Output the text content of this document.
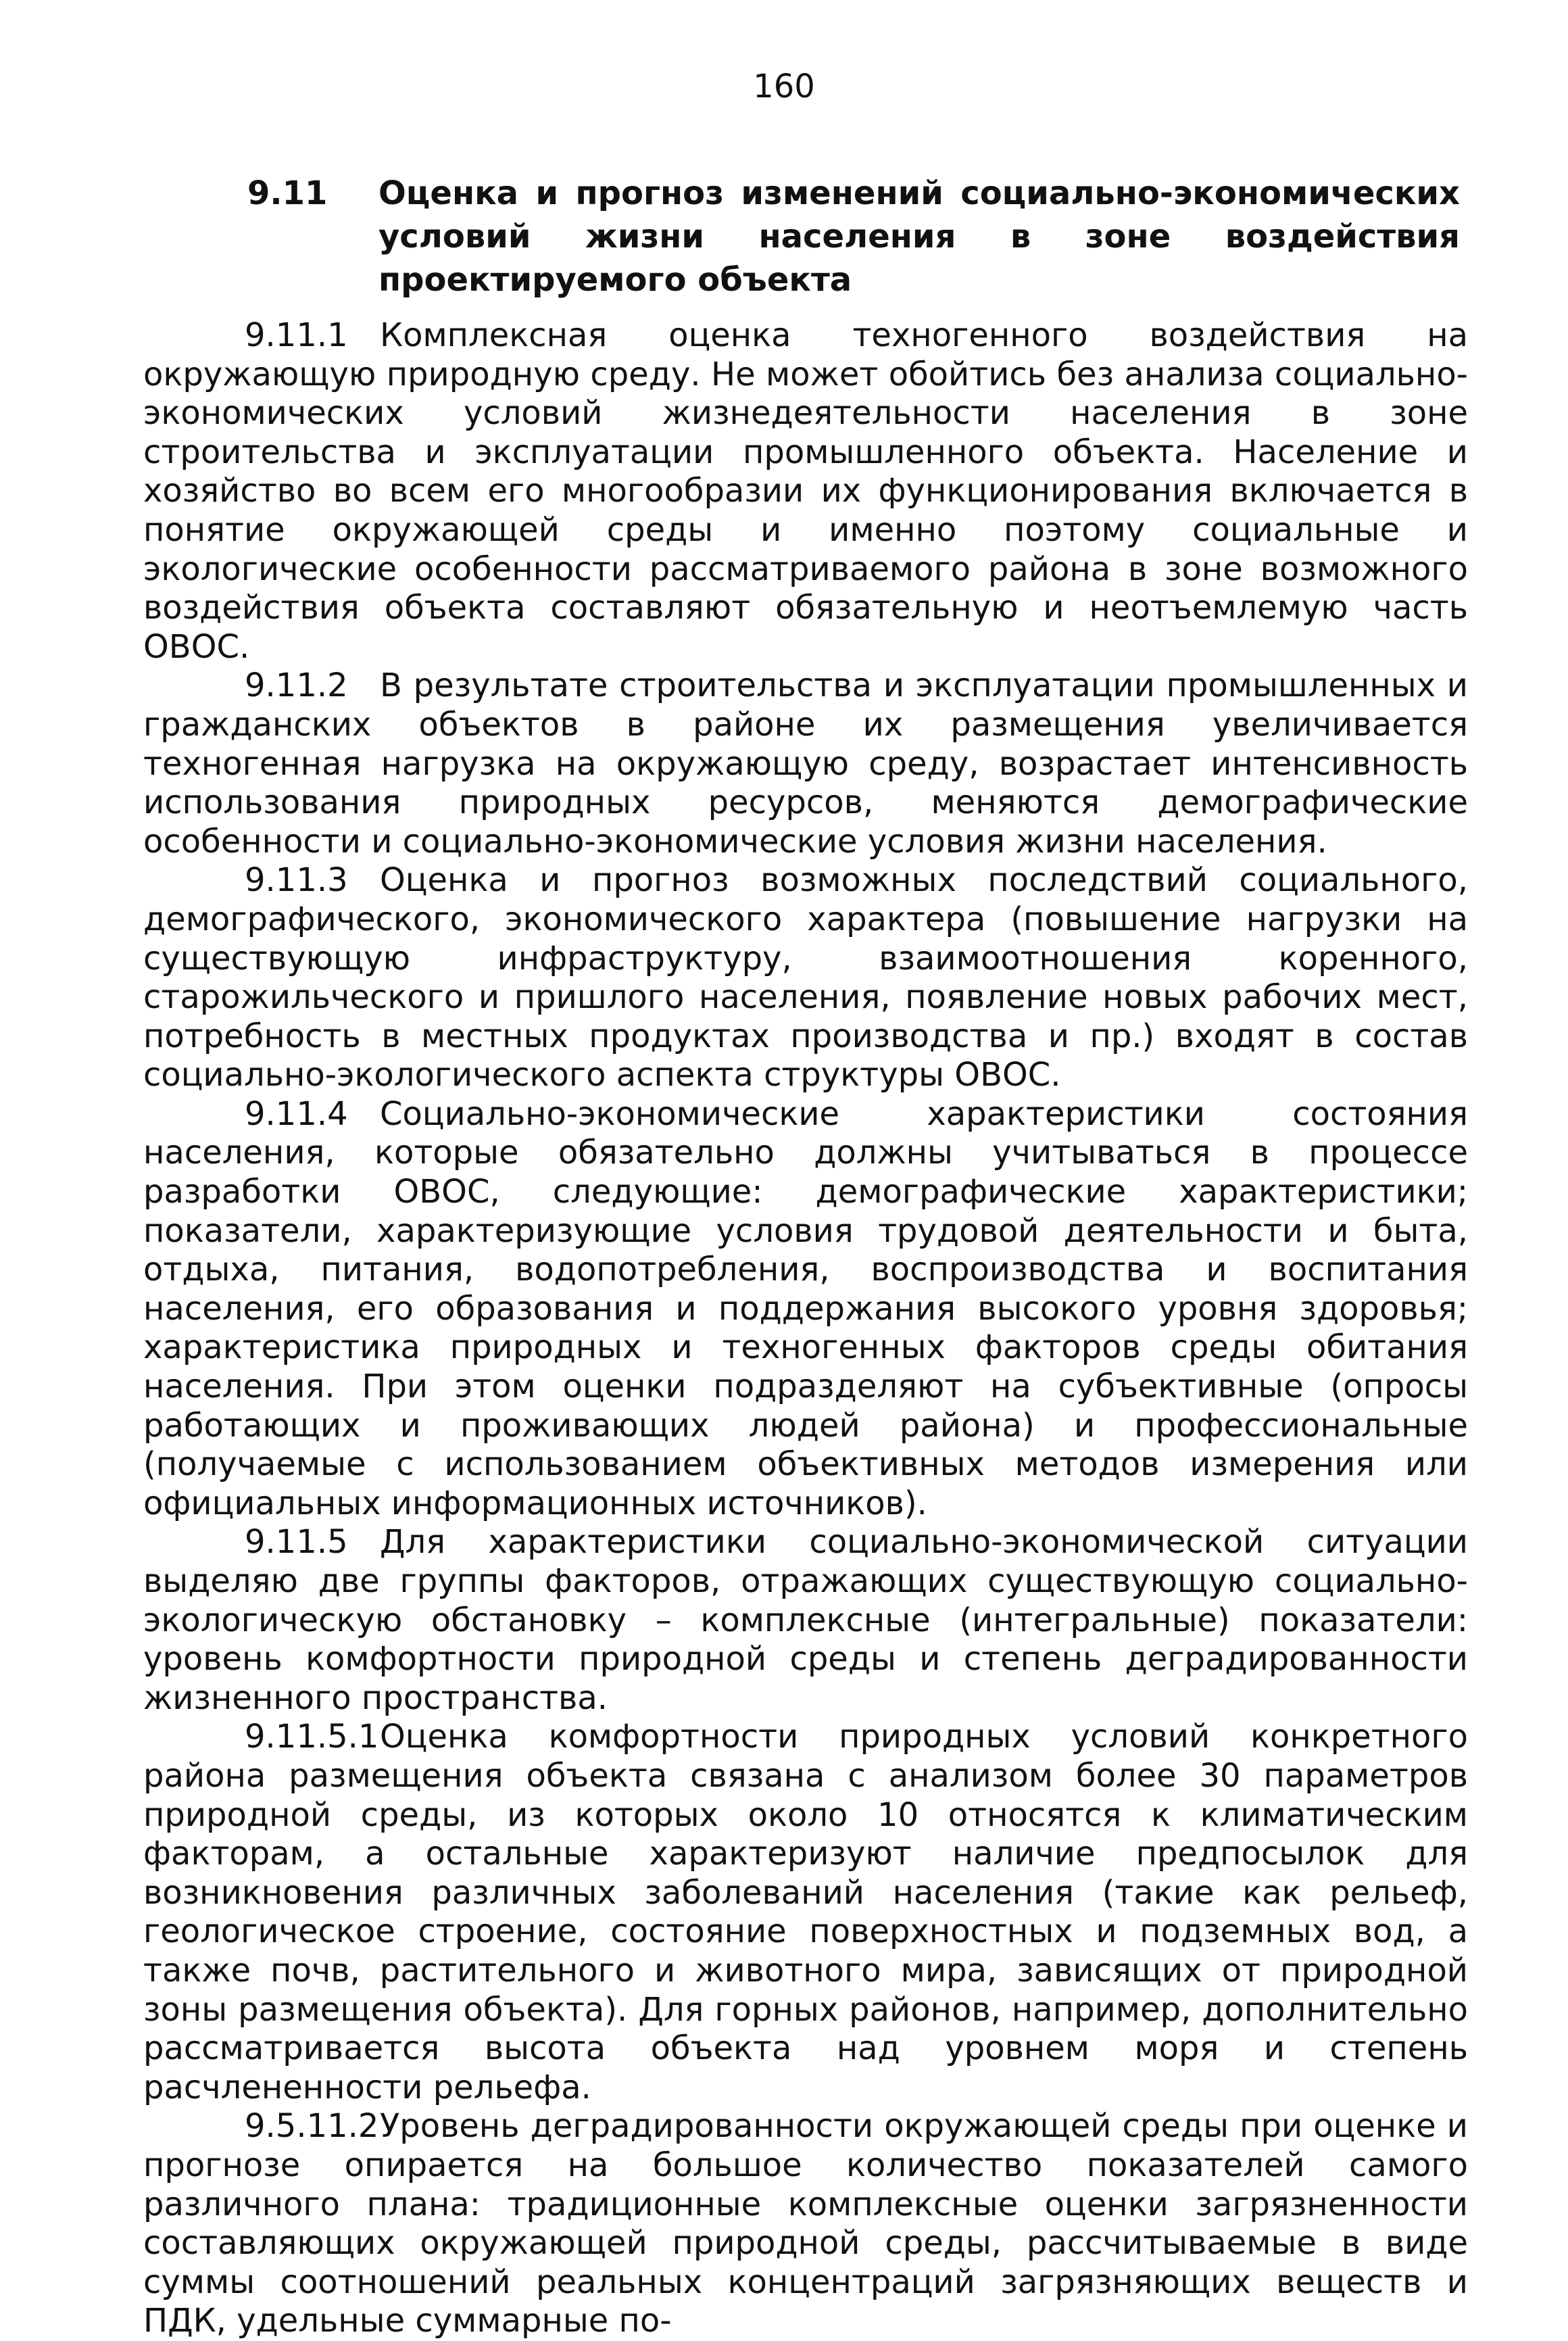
160
9.11 Оценка и прогноз изменений социально-экономических условий жизни населения в зоне воздействия проектируемого объекта

9.11.1 Комплексная оценка техногенного воздействия на окружающую природную среду. Не может обойтись без анализа социально-экономических условий жизнедеятельности населения в зоне строительства и эксплуатации промышленного объекта. Население и хозяйство во всем его многообразии их функционирования включается в понятие окружающей среды и именно поэтому социальные и экологические особенности рассматриваемого района в зоне возможного воздействия объекта составляют обязательную и неотъемлемую часть ОВОС.

9.11.2 В результате строительства и эксплуатации промышленных и гражданских объектов в районе их размещения увеличивается техногенная нагрузка на окружающую среду, возрастает интенсивность использования природных ресурсов, меняются демографические особенности и социально-экономические условия жизни населения.

9.11.3 Оценка и прогноз возможных последствий социального, демографического, экономического характера (повышение нагрузки на существующую инфраструктуру, взаимоотношения коренного, старожильческого и пришлого населения, появление новых рабочих мест, потребность в местных продуктах производства и пр.) входят в состав социально-экологического аспекта структуры ОВОС.

9.11.4 Социально-экономические характеристики состояния населения, которые обязательно должны учитываться в процессе разработки ОВОС, следующие: демографические характеристики; показатели, характеризующие условия трудовой деятельности и быта, отдыха, питания, водопотребления, воспроизводства и воспитания населения, его образования и поддержания высокого уровня здоровья; характеристика природных и техногенных факторов среды обитания населения. При этом оценки подразделяют на субъективные (опросы работающих и проживающих людей района) и профессиональные (получаемые с использованием объективных методов измерения или официальных информационных источников).

9.11.5 Для характеристики социально-экономической ситуации выделяю две группы факторов, отражающих существующую социально-экологическую обстановку – комплексные (интегральные) показатели: уровень комфортности природной среды и степень деградированности жизненного пространства.

9.11.5.1Оценка комфортности природных условий конкретного района размещения объекта связана с анализом более 30 параметров природной среды, из которых около 10 относятся к климатическим факторам, а остальные характеризуют наличие предпосылок для возникновения различных заболеваний населения (такие как рельеф, геологическое строение, состояние поверхностных и подземных вод, а также почв, растительного и животного мира, зависящих от природной зоны размещения объекта). Для горных районов, например, дополнительно рассматривается высота объекта над уровнем моря и степень расчлененности рельефа.

9.5.11.2Уровень деградированности окружающей среды при оценке и прогнозе опирается на большое количество показателей самого различного плана: традиционные комплексные оценки загрязненности составляющих окружающей природной среды, рассчитываемые в виде суммы соотношений реальных концентраций загрязняющих веществ и ПДК, удельные суммарные по-
